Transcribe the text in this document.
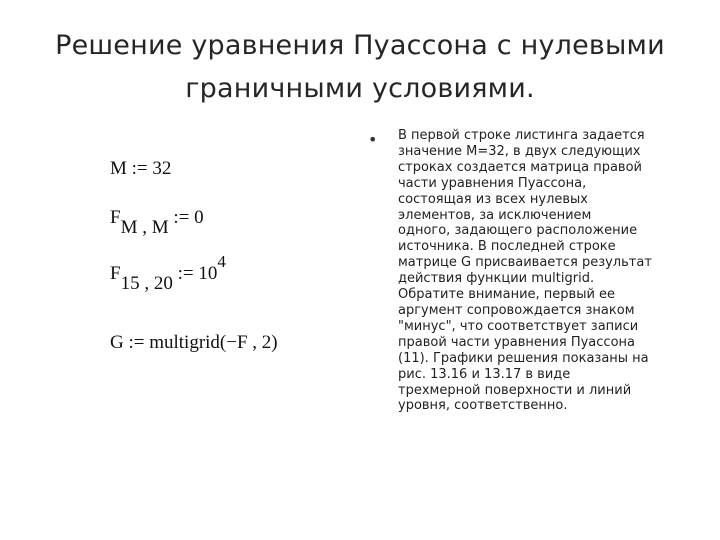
Решение уравнения Пуассона с нулевыми
граничными условиями.
M := 32
FM , M := 0
F15 , 20 := 104
G := multigrid(−F , 2)
• В первой строке листинга задается
значение М=32, в двух следующих
строках создается матрица правой
части уравнения Пуассона,
состоящая из всех нулевых
элементов, за исключением
одного, задающего расположение
источника. В последней строке
матрице G присваивается результат
действия функции multigrid.
Обратите внимание, первый ее
аргумент сопровождается знаком
"минус", что соответствует записи
правой части уравнения Пуассона
(11). Графики решения показаны на
рис. 13.16 и 13.17 в виде
трехмерной поверхности и линий
уровня, соответственно.
